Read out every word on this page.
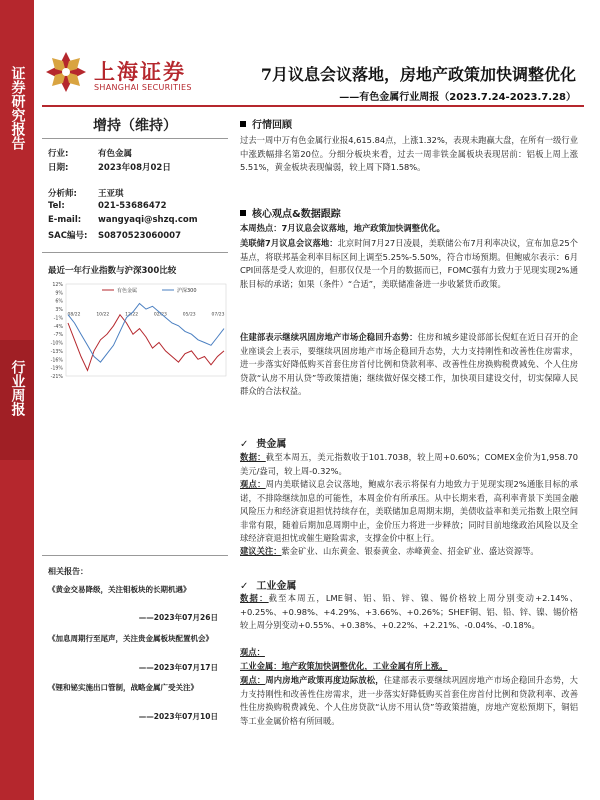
证券研究报告
行业周报
上海证券
SHANGHAI SECURITIES
7月议息会议落地，房地产政策加快调整优化
——有色金属行业周报（2023.7.24-2023.7.28）
增持（维持）
行业:	有色金属
日期:	2023年08月02日
分析师: 王亚琪
Tel:	021-53686472
E-mail: wangyaqi@shzq.com
SAC编号: S0870523060007
最近一年行业指数与沪深300比较
12%
9%
6%
3%
-1%
-4%
-7%
-10%
-13%
-16%
-19%
-21%
08/22	10/22	12/22	02/23	05/23	07/23
有色金属	沪深300
相关报告：
《黄金交易降级，关注钼板块的长期机遇》
——2023年07月26日
《加息周期行至尾声，关注贵金属板块配置机会》
——2023年07月17日
《锂和铋实施出口管制，战略金属广受关注》
——2023年07月10日
行情回顾
过去一周中万有色金属行业报4,615.84点，上涨1.32%，表现未跑赢大盘，在所有一级行业中涨跌幅排名第20位。分细分板块来看，过去一周非铁金属板块表现居前：铝板上周上涨5.51%，黄金板块表现偏弱，较上周下降1.58%。
核心观点&数据跟踪
本周热点：7月议息会议落地，地产政策加快调整优化。
美联储7月议息会议落地：北京时间7月27日凌晨，美联储公布7月利率决议，宣布加息25个基点，将联邦基金利率目标区间上调至5.25%-5.50%，符合市场预期。但鲍威尔表示：6月CPI回落是受人欢迎的，但那仅仅是一个月的数据而已，FOMC强有力致力于见现实现2%通胀目标的承诺；如果（条件）“合适”，美联储准备进一步收紧货币政策。
住建部表示继续巩固房地产市场企稳回升态势：住房和城乡建设部部长倪虹在近日召开的企业座谈会上表示，要继续巩固房地产市场企稳回升态势，大力支持刚性和改善性住房需求，进一步落实好降低购买首套住房首付比例和贷款利率、改善性住房换购税费减免、个人住房贷款“认房不用认贷”等政策措施；继续做好保交楼工作，加快项目建设交付，切实保障人民群众的合法权益。
✓ 贵金属
数据：截至本周五，美元指数收于101.7038，较上周+0.60%；COMEX金价为1,958.70美元/盎司，较上周-0.32%。
观点：周内美联储议息会议落地，鲍威尔表示将保有力地致力于见现实现2%通胀目标的承诺，不排除继续加息的可能性，本周金价有所承压。从中长期来看，高利率背景下美国金融风险压力和经济衰退担忧持续存在，美联储加息周期末期，美债收益率和美元指数上限空间非常有限，随着后期加息周期中止，金价压力将进一步释放；同时目前地缘政治风险以及全球经济衰退担忧或催生避险需求，支撑金价中枢上行。
建议关注：紫金矿业、山东黄金、银泰黄金、赤峰黄金、招金矿业、盛达资源等。
✓ 工业金属
数据：截至本周五，LME铜、铝、铅、锌、镍、锡价格较上周分别变动+2.14%、+0.25%、+0.98%、+4.29%、+3.66%、+0.26%；SHEF铜、铝、铅、锌、镍、锡价格较上周分别变动+0.55%、+0.38%、+0.22%、+2.21%、-0.04%、-0.18%。
观点：
工业金属：地产政策加快调整优化，工业金属有所上涨。
观点：周内房地产政策再度边际放松，住建部表示要继续巩固房地产市场企稳回升态势，大力支持刚性和改善性住房需求，进一步落实好降低购买首套住房首付比例和贷款利率、改善性住房换购税费减免、个人住房贷款“认房不用认贷”等政策措施，房地产宽松预期下，铜铝等工业金属价格有所回暖。
